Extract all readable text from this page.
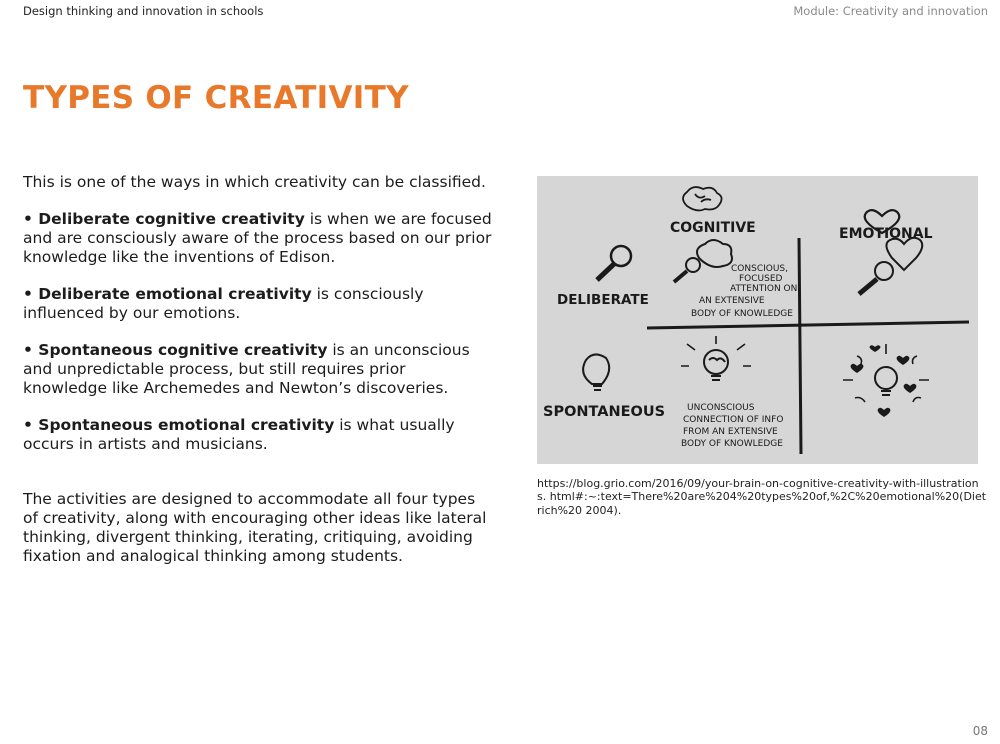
Design thinking and innovation in schools	Module: Creativity and innovation
TYPES OF CREATIVITY

This is one of the ways in which creativity can be classified.

• Deliberate cognitive creativity is when we are focused and are consciously aware of the process based on our prior knowledge like the inventions of Edison.

• Deliberate emotional creativity is consciously influenced by our emotions.

• Spontaneous cognitive creativity is an unconscious and unpredictable process, but still requires prior knowledge like Archemedes and Newton’s discoveries.

• Spontaneous emotional creativity is what usually occurs in artists and musicians.

The activities are designed to accommodate all four types of creativity, along with encouraging other ideas like lateral thinking, divergent thinking, iterating, critiquing, avoiding fixation and analogical thinking among students.

COGNITIVE	EMOTIONAL
DELIBERATE
SPONTANEOUS
CONSCIOUS,
FOCUSED
ATTENTION ON
AN EXTENSIVE
BODY OF KNOWLEDGE
UNCONSCIOUS
CONNECTION OF INFO
FROM AN EXTENSIVE
BODY OF KNOWLEDGE
https://blog.grio.com/2016/09/your-brain-on-cognitive-creativity-with-illustrations. html#:~:text=There%20are%204%20types%20of,%2C%20emotional%20(Dietrich%20 2004).
08
